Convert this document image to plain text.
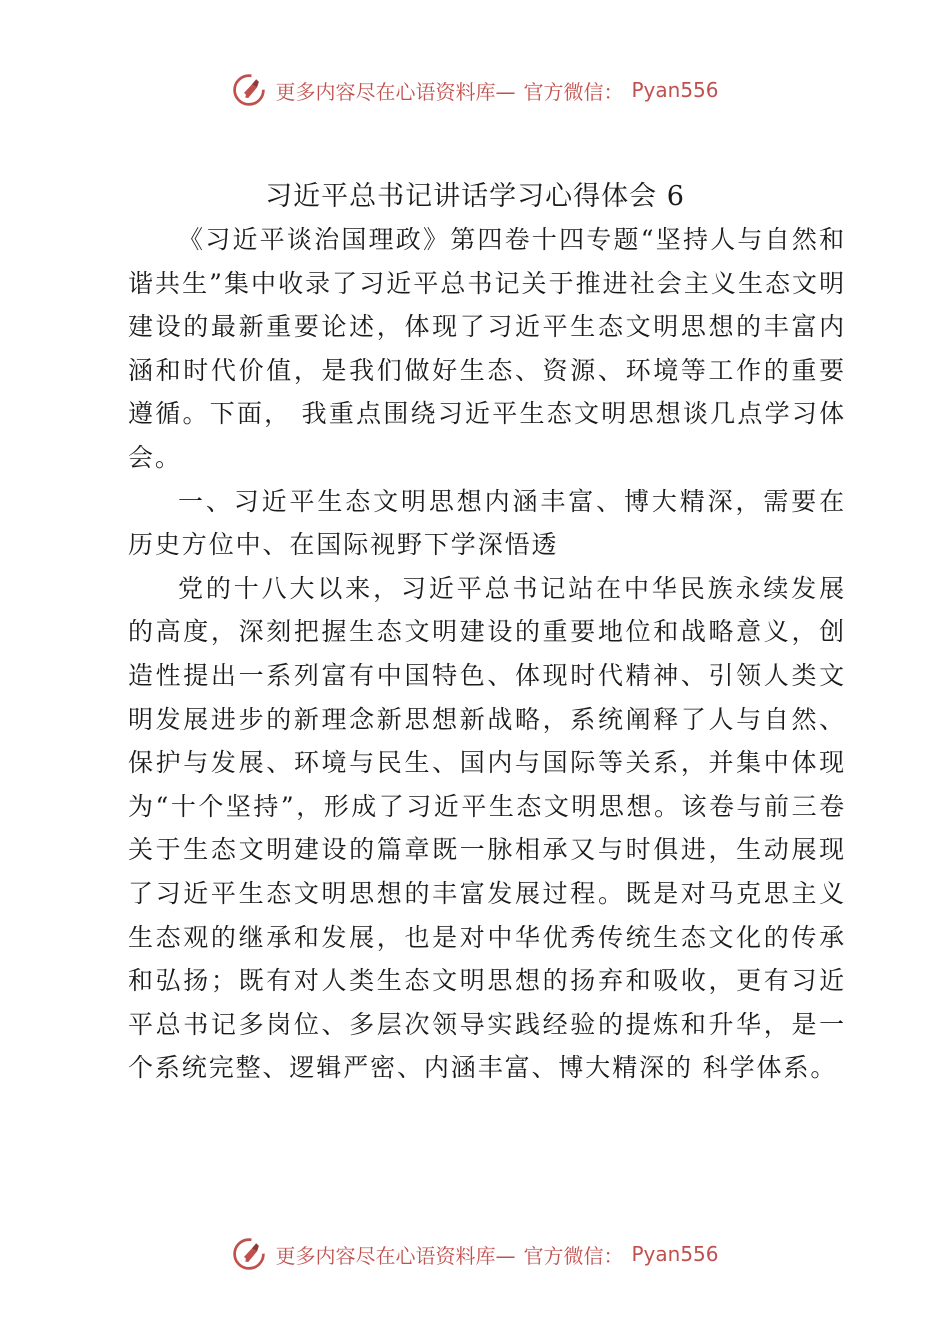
更多内容尽在心语资料库— 官方微信： Pyan556
习近平总书记讲话学习心得体会 6

《习近平谈治国理政》第四卷十四专题“坚持人与自然和谐共生”集中收录了习近平总书记关于推进社会主义生态文明建设的最新重要论述，体现了习近平生态文明思想的丰富内涵和时代价值，是我们做好生态、资源、环境等工作的重要遵循。下面， 我重点围绕习近平生态文明思想谈几点学习体会。

一、习近平生态文明思想内涵丰富、博大精深，需要在历史方位中、在国际视野下学深悟透

党的十八大以来，习近平总书记站在中华民族永续发展的高度，深刻把握生态文明建设的重要地位和战略意义，创造性提出一系列富有中国特色、体现时代精神、引领人类文明发展进步的新理念新思想新战略，系统阐释了人与自然、保护与发展、环境与民生、国内与国际等关系，并集中体现为“十个坚持”，形成了习近平生态文明思想。该卷与前三卷关于生态文明建设的篇章既一脉相承又与时俱进，生动展现了习近平生态文明思想的丰富发展过程。既是对马克思主义生态观的继承和发展，也是对中华优秀传统生态文化的传承和弘扬；既有对人类生态文明思想的扬弃和吸收，更有习近平总书记多岗位、多层次领导实践经验的提炼和升华，是一个系统完整、逻辑严密、内涵丰富、博大精深的 科学体系。

更多内容尽在心语资料库— 官方微信： Pyan556
